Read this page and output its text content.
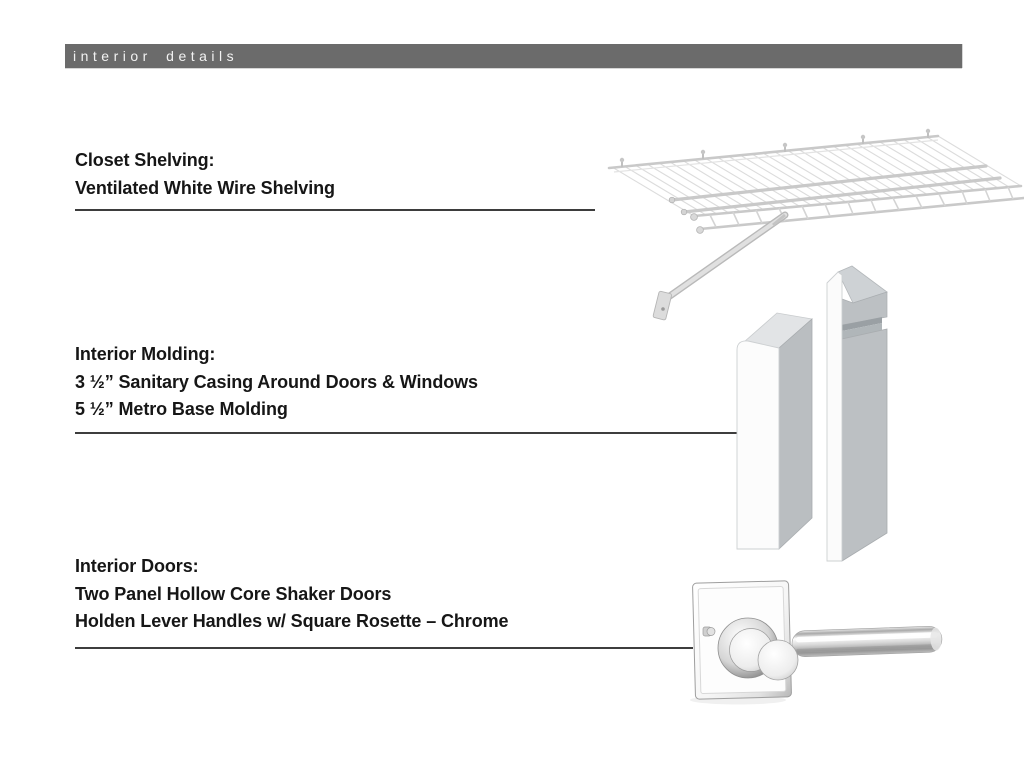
interior details
Closet Shelving:

Ventilated White Wire Shelving

Interior Molding:

3 ½” Sanitary Casing Around Doors & Windows

5 ½” Metro Base Molding

Interior Doors:

Two Panel Hollow Core Shaker Doors

Holden Lever Handles w/ Square Rosette – Chrome
